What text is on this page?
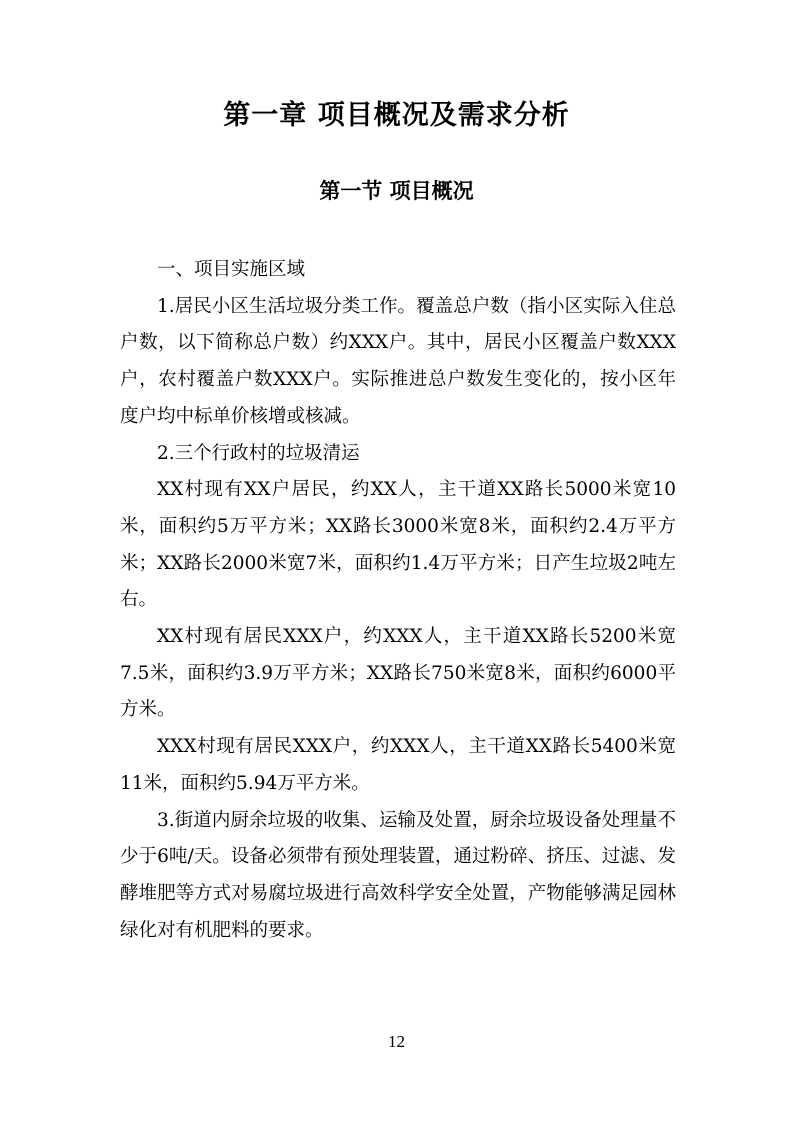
第一章 项目概况及需求分析
第一节 项目概况

一、项目实施区域

1.居民小区生活垃圾分类工作。覆盖总户数（指小区实际入住总户数，以下简称总户数）约XXX户。其中，居民小区覆盖户数XXX户，农村覆盖户数XXX户。实际推进总户数发生变化的，按小区年度户均中标单价核增或核减。

2.三个行政村的垃圾清运

XX村现有XX户居民，约XX人，主干道XX路长5000米宽10米，面积约5万平方米；XX路长3000米宽8米，面积约2.4万平方米；XX路长2000米宽7米，面积约1.4万平方米；日产生垃圾2吨左右。

XX村现有居民XXX户，约XXX人，主干道XX路长5200米宽7.5米，面积约3.9万平方米；XX路长750米宽8米，面积约6000平方米。

XXX村现有居民XXX户，约XXX人，主干道XX路长5400米宽11米，面积约5.94万平方米。

3.街道内厨余垃圾的收集、运输及处置，厨余垃圾设备处理量不少于6吨/天。设备必须带有预处理装置，通过粉碎、挤压、过滤、发酵堆肥等方式对易腐垃圾进行高效科学安全处置，产物能够满足园林绿化对有机肥料的要求。

12
